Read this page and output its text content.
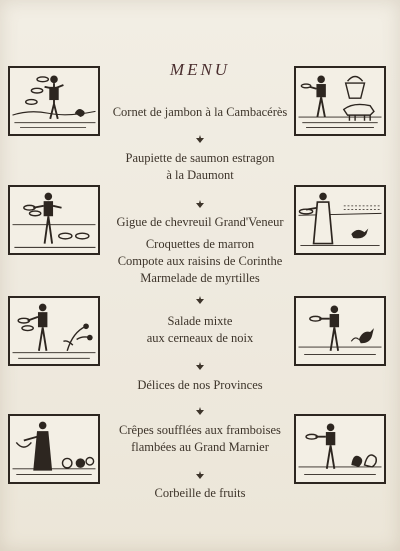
MENU
Cornet de jambon à la Cambacérès
Paupiette de saumon estragon
à la Daumont
Gigue de chevreuil Grand'Veneur
Croquettes de marron
Compote aux raisins de Corinthe
Marmelade de myrtilles
Salade mixte
aux cerneaux de noix
Délices de nos Provinces
Crêpes soufflées aux framboises
flambées au Grand Marnier
Corbeille de fruits
